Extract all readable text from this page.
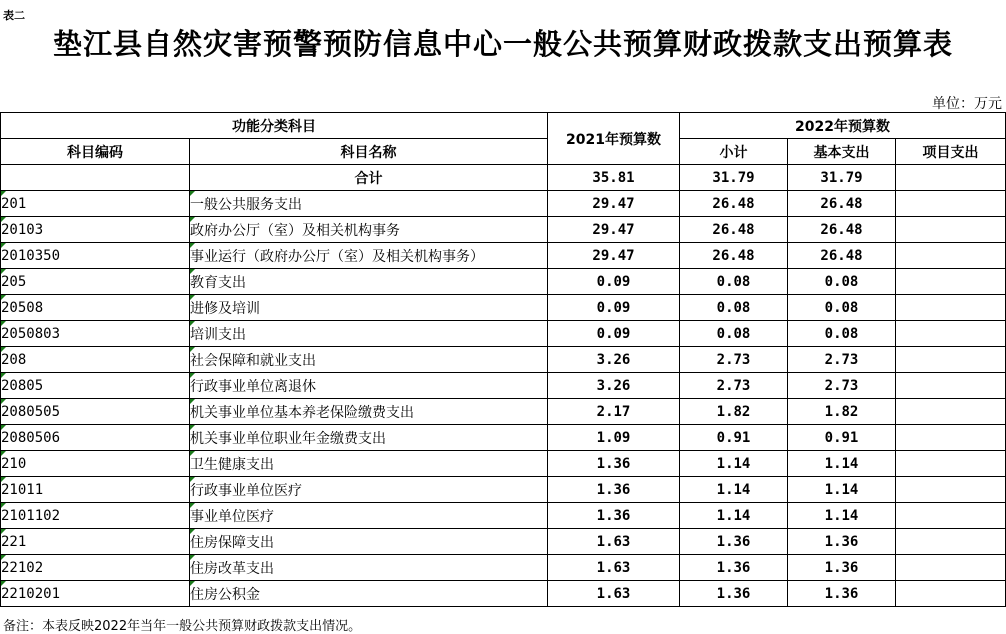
表二
垫江县自然灾害预警预防信息中心一般公共预算财政拨款支出预算表
单位：万元
功能分类科目		2021年预算数	2022年预算数		
科目编码	科目名称		小计	基本支出	项目支出
	合计	35.81	31.79	31.79	

201	一般公共服务支出	29.47	26.48	26.48	

20103	政府办公厅（室）及相关机构事务	29.47	26.48	26.48	

2010350	事业运行（政府办公厅（室）及相关机构事务）	29.47	26.48	26.48	

205	教育支出	0.09	0.08	0.08	

20508	进修及培训	0.09	0.08	0.08	

2050803	培训支出	0.09	0.08	0.08	

208	社会保障和就业支出	3.26	2.73	2.73	

20805	行政事业单位离退休	3.26	2.73	2.73	

2080505	机关事业单位基本养老保险缴费支出	2.17	1.82	1.82	

2080506	机关事业单位职业年金缴费支出	1.09	0.91	0.91	

210	卫生健康支出	1.36	1.14	1.14	

21011	行政事业单位医疗	1.36	1.14	1.14	

2101102	事业单位医疗	1.36	1.14	1.14	

221	住房保障支出	1.63	1.36	1.36	

22102	住房改革支出	1.63	1.36	1.36	

2210201	住房公积金	1.63	1.36	1.36	
备注：本表反映2022年当年一般公共预算财政拨款支出情况。
